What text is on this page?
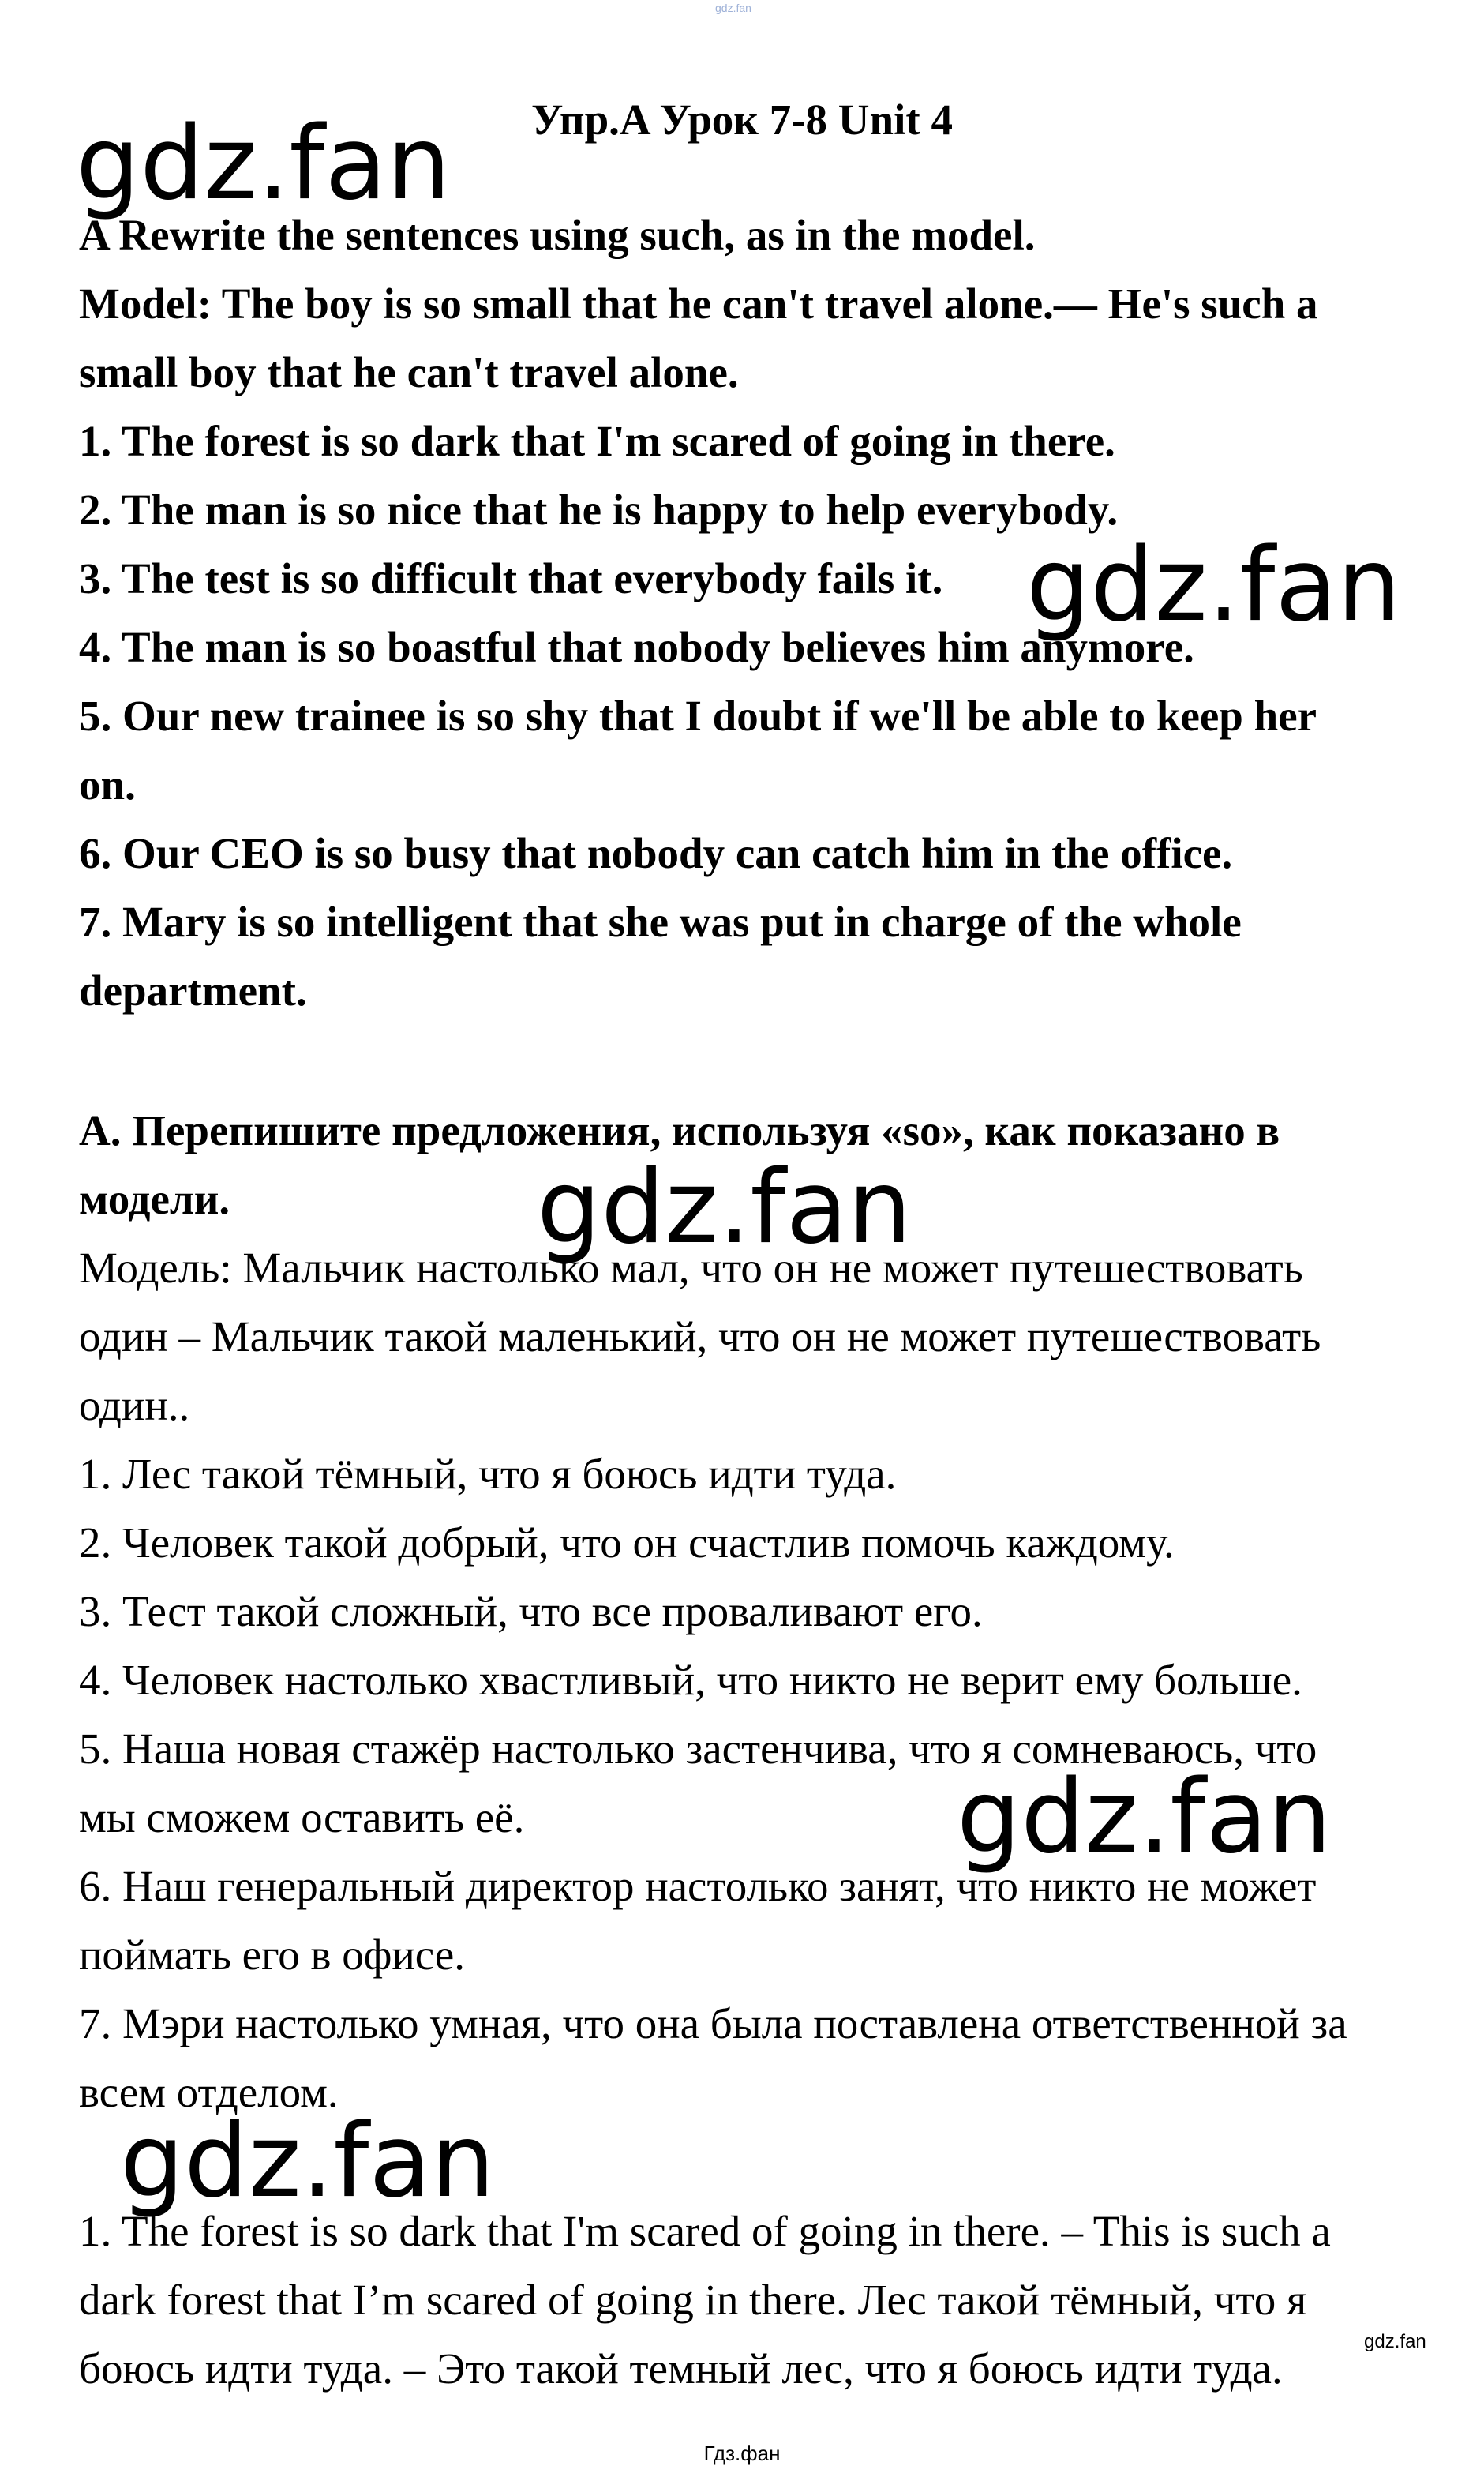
gdz.fan
Упр.A Урок 7-8 Unit 4
A Rewrite the sentences using such, as in the model.
Model: The boy is so small that he can't travel alone.— He's such a
small boy that he can't travel alone.
1. The forest is so dark that I'm scared of going in there.
2. The man is so nice that he is happy to help everybody.
3. The test is so difficult that everybody fails it.
4. The man is so boastful that nobody believes him anymore.
5. Our new trainee is so shy that I doubt if we'll be able to keep her
on.
6. Our CEO is so busy that nobody can catch him in the office.
7. Mary is so intelligent that she was put in charge of the whole
department.
А. Перепишите предложения, используя «so», как показано в
модели.
Модель: Мальчик настолько мал, что он не может путешествовать
один – Мальчик такой маленький, что он не может путешествовать
один..
1. Лес такой тёмный, что я боюсь идти туда.
2. Человек такой добрый, что он счастлив помочь каждому.
3. Тест такой сложный, что все проваливают его.
4. Человек настолько хвастливый, что никто не верит ему больше.
5. Наша новая стажёр настолько застенчива, что я сомневаюсь, что
мы сможем оставить её.
6. Наш генеральный директор настолько занят, что никто не может
поймать его в офисе.
7. Мэри настолько умная, что она была поставлена ответственной за
всем отделом.
1. The forest is so dark that I'm scared of going in there. – This is such a
dark forest that I’m scared of going in there. Лес такой тёмный, что я
боюсь идти туда. – Это такой темный лес, что я боюсь идти туда.
gdz.fan
gdz.fan
gdz.fan
gdz.fan
gdz.fan
gdz.fan
Гдз.фан
